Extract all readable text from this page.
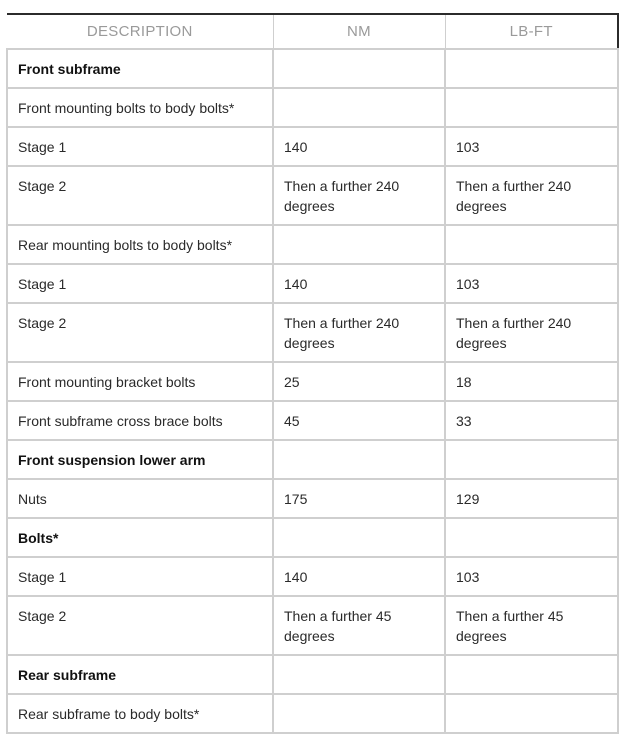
DESCRIPTION	NM	LB-FT
Front subframe		
Front mounting bolts to body bolts*		
Stage 1	140	103
Stage 2	Then a further 240 degrees	Then a further 240 degrees
Rear mounting bolts to body bolts*		
Stage 1	140	103
Stage 2	Then a further 240 degrees	Then a further 240 degrees
Front mounting bracket bolts	25	18
Front subframe cross brace bolts	45	33
Front suspension lower arm		
Nuts	175	129
Bolts*		
Stage 1	140	103
Stage 2	Then a further 45 degrees	Then a further 45 degrees
Rear subframe		
Rear subframe to body bolts*		
